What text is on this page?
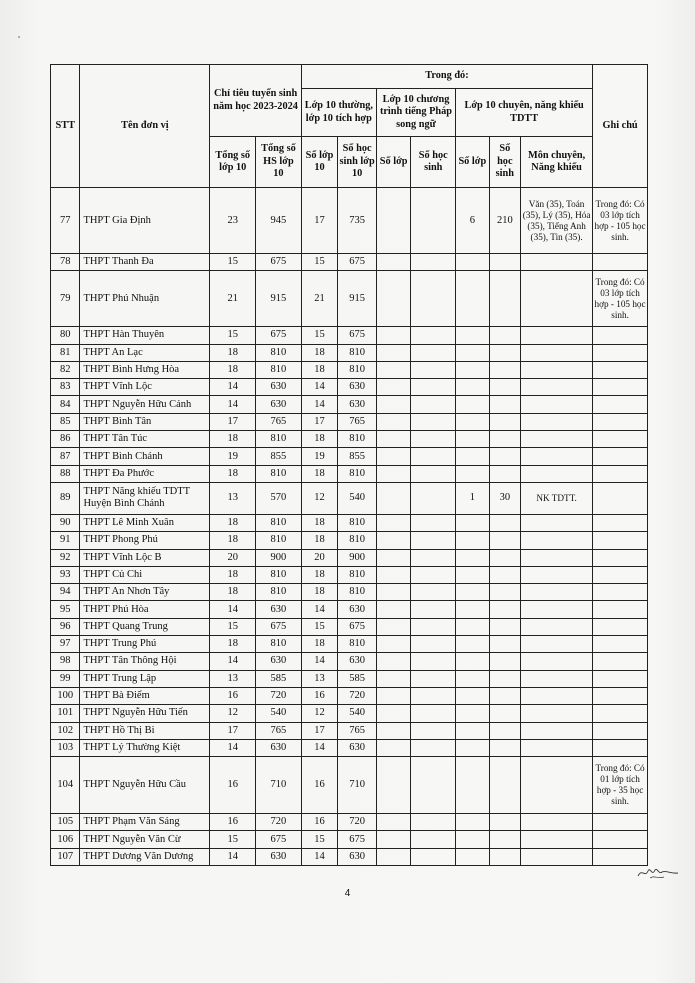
STT	Tên đơn vị	Chỉ tiêu tuyển sinh năm học 2023-2024		Trong đó:							Ghi chú
				Lớp 10 thường, lớp 10 tích hợp		Lớp 10 chương trình tiếng Pháp song ngữ		Lớp 10 chuyên, năng khiếu TDTT			
		Tổng số lớp 10	Tổng số HS lớp 10	Số lớp 10	Số học sinh lớp 10	Số lớp	Số học sinh	Số lớp	Số học sinh	Môn chuyên, Năng khiếu	
77	THPT Gia Định	23	945	17	735			6	210	Văn (35), Toán (35), Lý (35), Hóa (35), Tiếng Anh (35), Tin (35).	Trong đó: Có 03 lớp tích hợp - 105 học sinh.
78	THPT Thanh Đa	15	675	15	675						
79	THPT Phú Nhuận	21	915	21	915						Trong đó: Có 03 lớp tích hợp - 105 học sinh.
80	THPT Hàn Thuyên	15	675	15	675						
81	THPT An Lạc	18	810	18	810						
82	THPT Bình Hưng Hòa	18	810	18	810						
83	THPT Vĩnh Lộc	14	630	14	630						
84	THPT Nguyễn Hữu Cảnh	14	630	14	630						
85	THPT Bình Tân	17	765	17	765						
86	THPT Tân Túc	18	810	18	810						
87	THPT Bình Chánh	19	855	19	855						
88	THPT Đa Phước	18	810	18	810						
89	THPT Năng khiếu TDTT Huyện Bình Chánh	13	570	12	540			1	30	NK TDTT.	
90	THPT Lê Minh Xuân	18	810	18	810						
91	THPT Phong Phú	18	810	18	810						
92	THPT Vĩnh Lộc B	20	900	20	900						
93	THPT Củ Chi	18	810	18	810						
94	THPT An Nhơn Tây	18	810	18	810						
95	THPT Phú Hòa	14	630	14	630						
96	THPT Quang Trung	15	675	15	675						
97	THPT Trung Phú	18	810	18	810						
98	THPT Tân Thông Hội	14	630	14	630						
99	THPT Trung Lập	13	585	13	585						
100	THPT Bà Điểm	16	720	16	720						
101	THPT Nguyễn Hữu Tiến	12	540	12	540						
102	THPT Hồ Thị Bi	17	765	17	765						
103	THPT Lý Thường Kiệt	14	630	14	630						
104	THPT Nguyễn Hữu Cầu	16	710	16	710						Trong đó: Có 01 lớp tích hợp - 35 học sinh.
105	THPT Phạm Văn Sáng	16	720	16	720						
106	THPT Nguyễn Văn Cừ	15	675	15	675						
107	THPT Dương Văn Dương	14	630	14	630						
4
